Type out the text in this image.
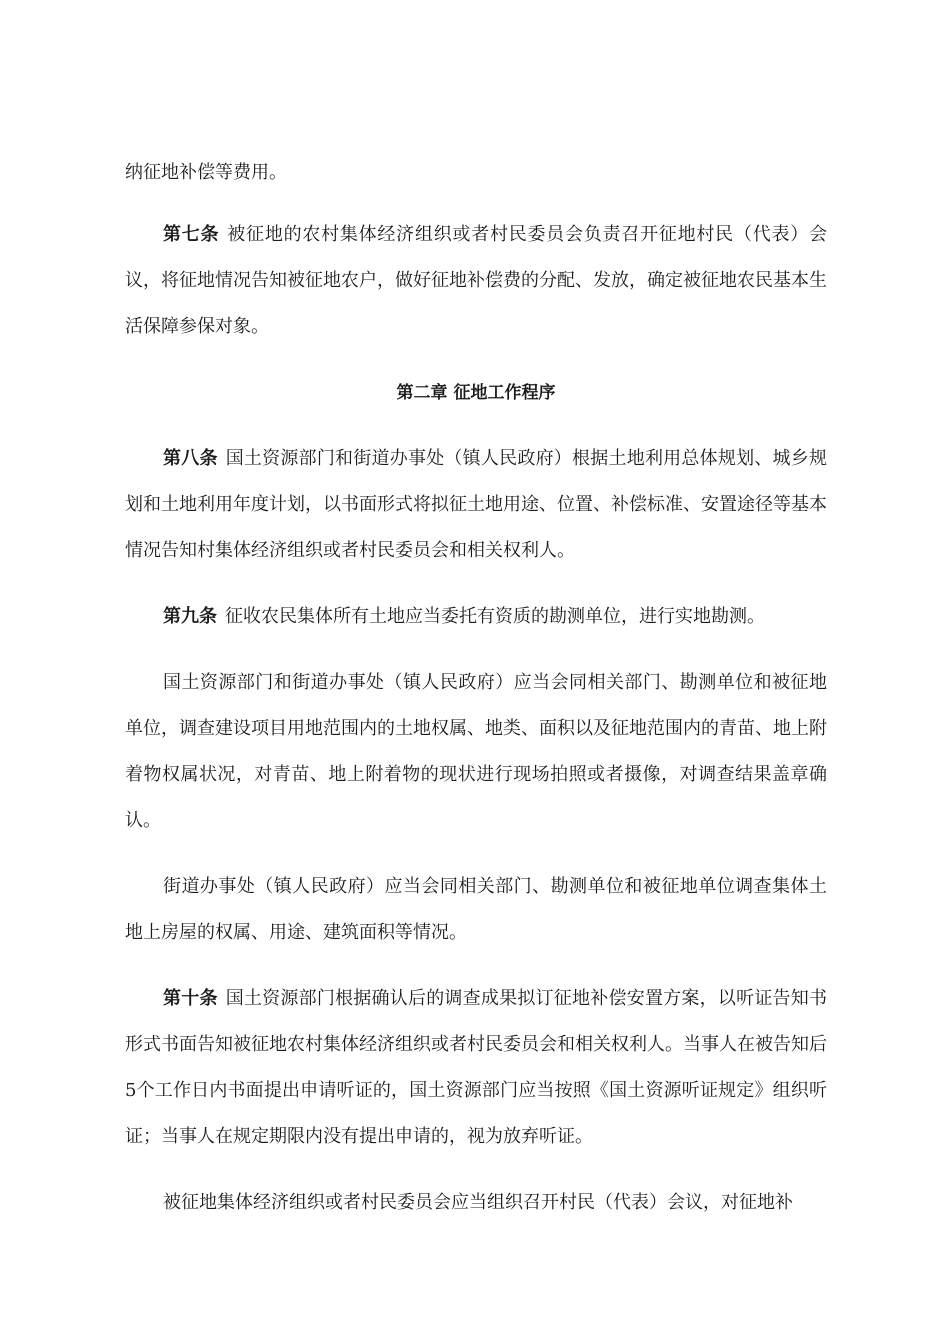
纳征地补偿等费用。

第七条 被征地的农村集体经济组织或者村民委员会负责召开征地村民（代表）会议，将征地情况告知被征地农户，做好征地补偿费的分配、发放，确定被征地农民基本生活保障参保对象。

第二章 征地工作程序

第八条 国土资源部门和街道办事处（镇人民政府）根据土地利用总体规划、城乡规划和土地利用年度计划，以书面形式将拟征土地用途、位置、补偿标准、安置途径等基本情况告知村集体经济组织或者村民委员会和相关权利人。

第九条 征收农民集体所有土地应当委托有资质的勘测单位，进行实地勘测。

国土资源部门和街道办事处（镇人民政府）应当会同相关部门、勘测单位和被征地单位，调查建设项目用地范围内的土地权属、地类、面积以及征地范围内的青苗、地上附着物权属状况，对青苗、地上附着物的现状进行现场拍照或者摄像，对调查结果盖章确认。

街道办事处（镇人民政府）应当会同相关部门、勘测单位和被征地单位调查集体土地上房屋的权属、用途、建筑面积等情况。

第十条 国土资源部门根据确认后的调查成果拟订征地补偿安置方案，以听证告知书形式书面告知被征地农村集体经济组织或者村民委员会和相关权利人。当事人在被告知后5个工作日内书面提出申请听证的，国土资源部门应当按照《国土资源听证规定》组织听证；当事人在规定期限内没有提出申请的，视为放弃听证。

被征地集体经济组织或者村民委员会应当组织召开村民（代表）会议，对征地补
